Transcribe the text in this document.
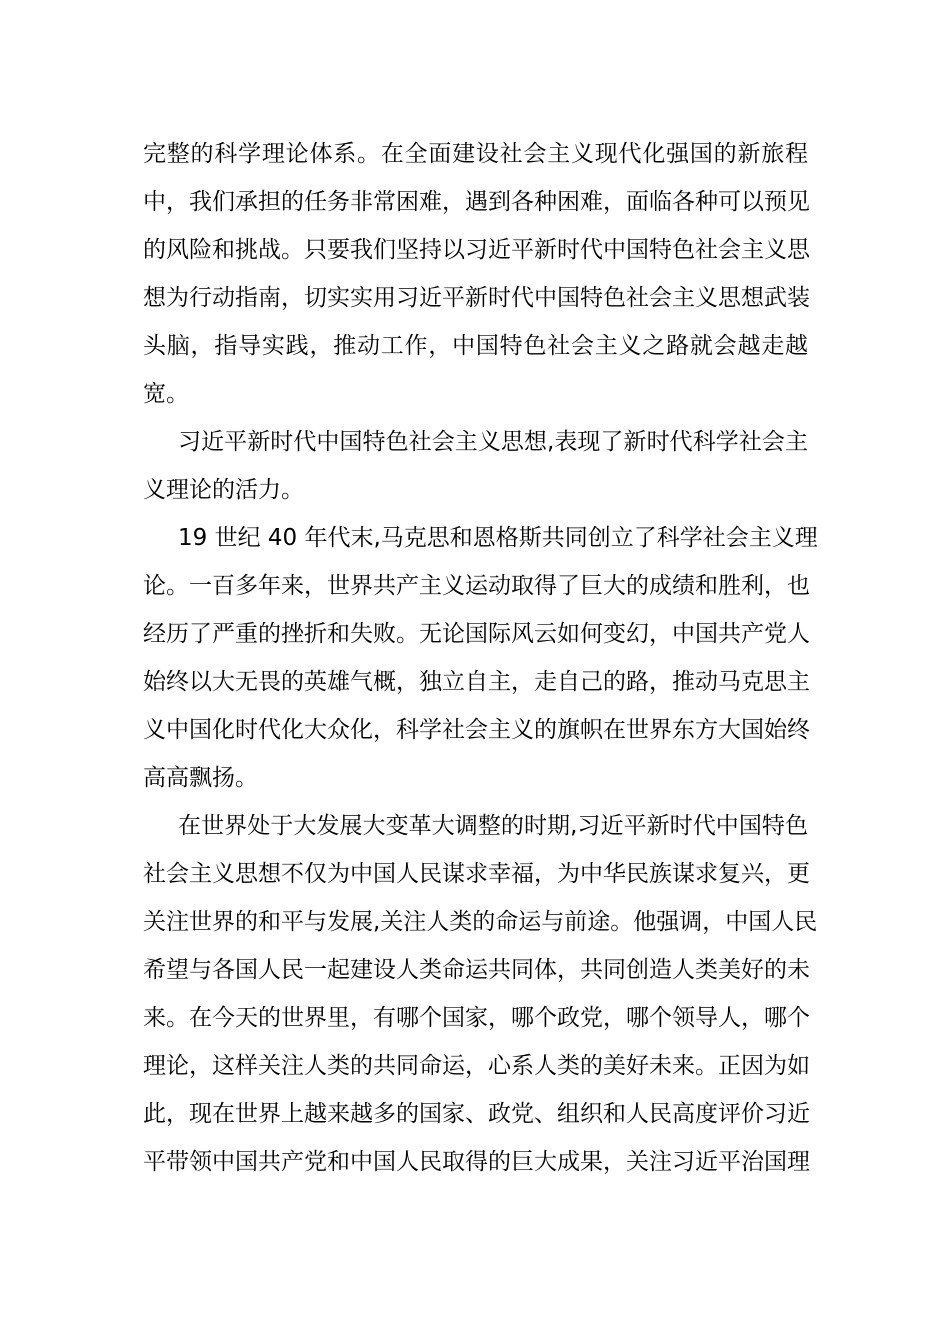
完整的科学理论体系。在全面建设社会主义现代化强国的新旅程
中，我们承担的任务非常困难，遇到各种困难，面临各种可以预见
的风险和挑战。只要我们坚持以习近平新时代中国特色社会主义思
想为行动指南，切实实用习近平新时代中国特色社会主义思想武装
头脑，指导实践，推动工作，中国特色社会主义之路就会越走越
宽。
习近平新时代中国特色社会主义思想,表现了新时代科学社会主
义理论的活力。
19 世纪 40 年代末,马克思和恩格斯共同创立了科学社会主义理
论。一百多年来，世界共产主义运动取得了巨大的成绩和胜利，也
经历了严重的挫折和失败。无论国际风云如何变幻，中国共产党人
始终以大无畏的英雄气概，独立自主，走自己的路，推动马克思主
义中国化时代化大众化，科学社会主义的旗帜在世界东方大国始终
高高飘扬。
在世界处于大发展大变革大调整的时期,习近平新时代中国特色
社会主义思想不仅为中国人民谋求幸福，为中华民族谋求复兴，更
关注世界的和平与发展,关注人类的命运与前途。他强调，中国人民
希望与各国人民一起建设人类命运共同体，共同创造人类美好的未
来。在今天的世界里，有哪个国家，哪个政党，哪个领导人，哪个
理论，这样关注人类的共同命运，心系人类的美好未来。正因为如
此，现在世界上越来越多的国家、政党、组织和人民高度评价习近
平带领中国共产党和中国人民取得的巨大成果，关注习近平治国理
